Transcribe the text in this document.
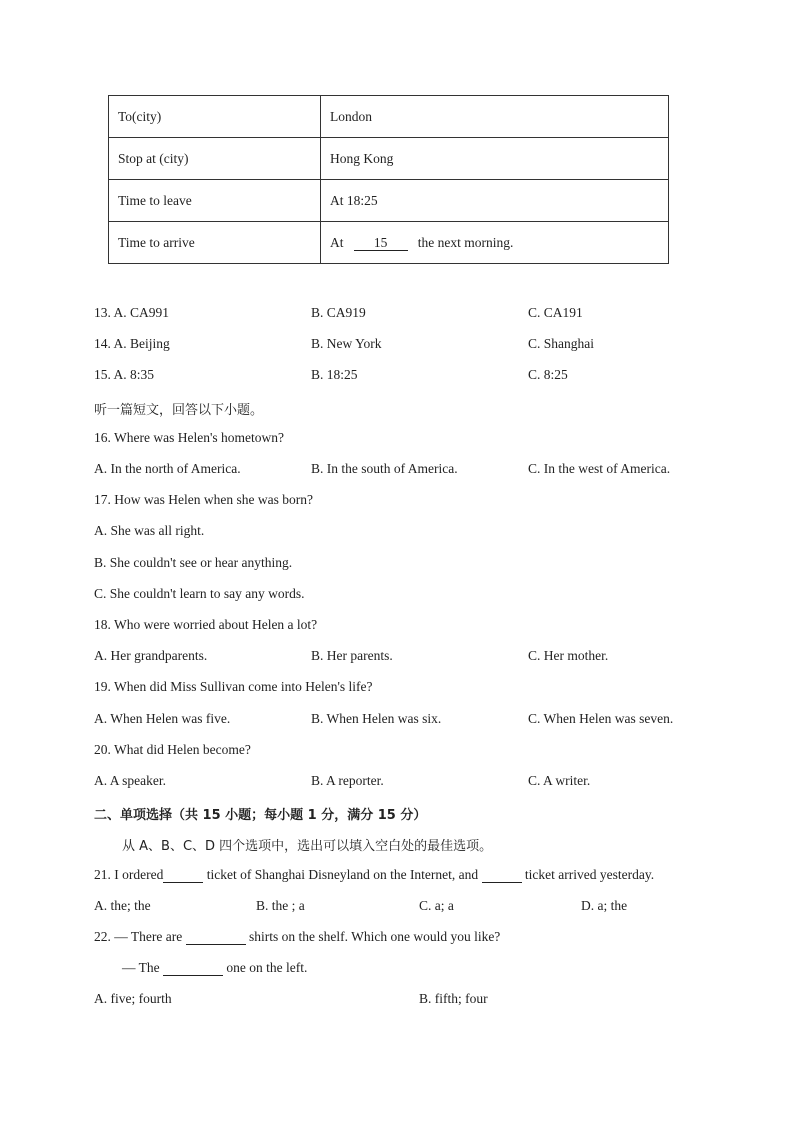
To(city)	London
Stop at (city)	Hong Kong
Time to leave	At 18:25
Time to arrive	At 15 the next morning.
13. A. CA991	B. CA919	C. CA191
14. A. Beijing	B. New York	C. Shanghai
15. A. 8:35	B. 18:25	C. 8:25
听一篇短文，回答以下小题。
16. Where was Helen's hometown?
A. In the north of America.	B. In the south of America.	C. In the west of America.
17. How was Helen when she was born?
A. She was all right.
B. She couldn't see or hear anything.
C. She couldn't learn to say any words.
18. Who were worried about Helen a lot?
A. Her grandparents.	B. Her parents.	C. Her mother.
19. When did Miss Sullivan come into Helen's life?
A. When Helen was five.	B. When Helen was six.	C. When Helen was seven.
20. What did Helen become?
A. A speaker.	B. A reporter.	C. A writer.
二、单项选择（共 15 小题；每小题 1 分，满分 15 分）
从 A、B、C、D 四个选项中，选出可以填入空白处的最佳选项。
21. I ordered	ticket of Shanghai Disneyland on the Internet, and	ticket arrived yesterday.
A. the; the	B. the ; a	C. a; a	D. a; the
22. — There are	shirts on the shelf. Which one would you like?
— The	one on the left.
A. five; fourth	B. fifth; four
